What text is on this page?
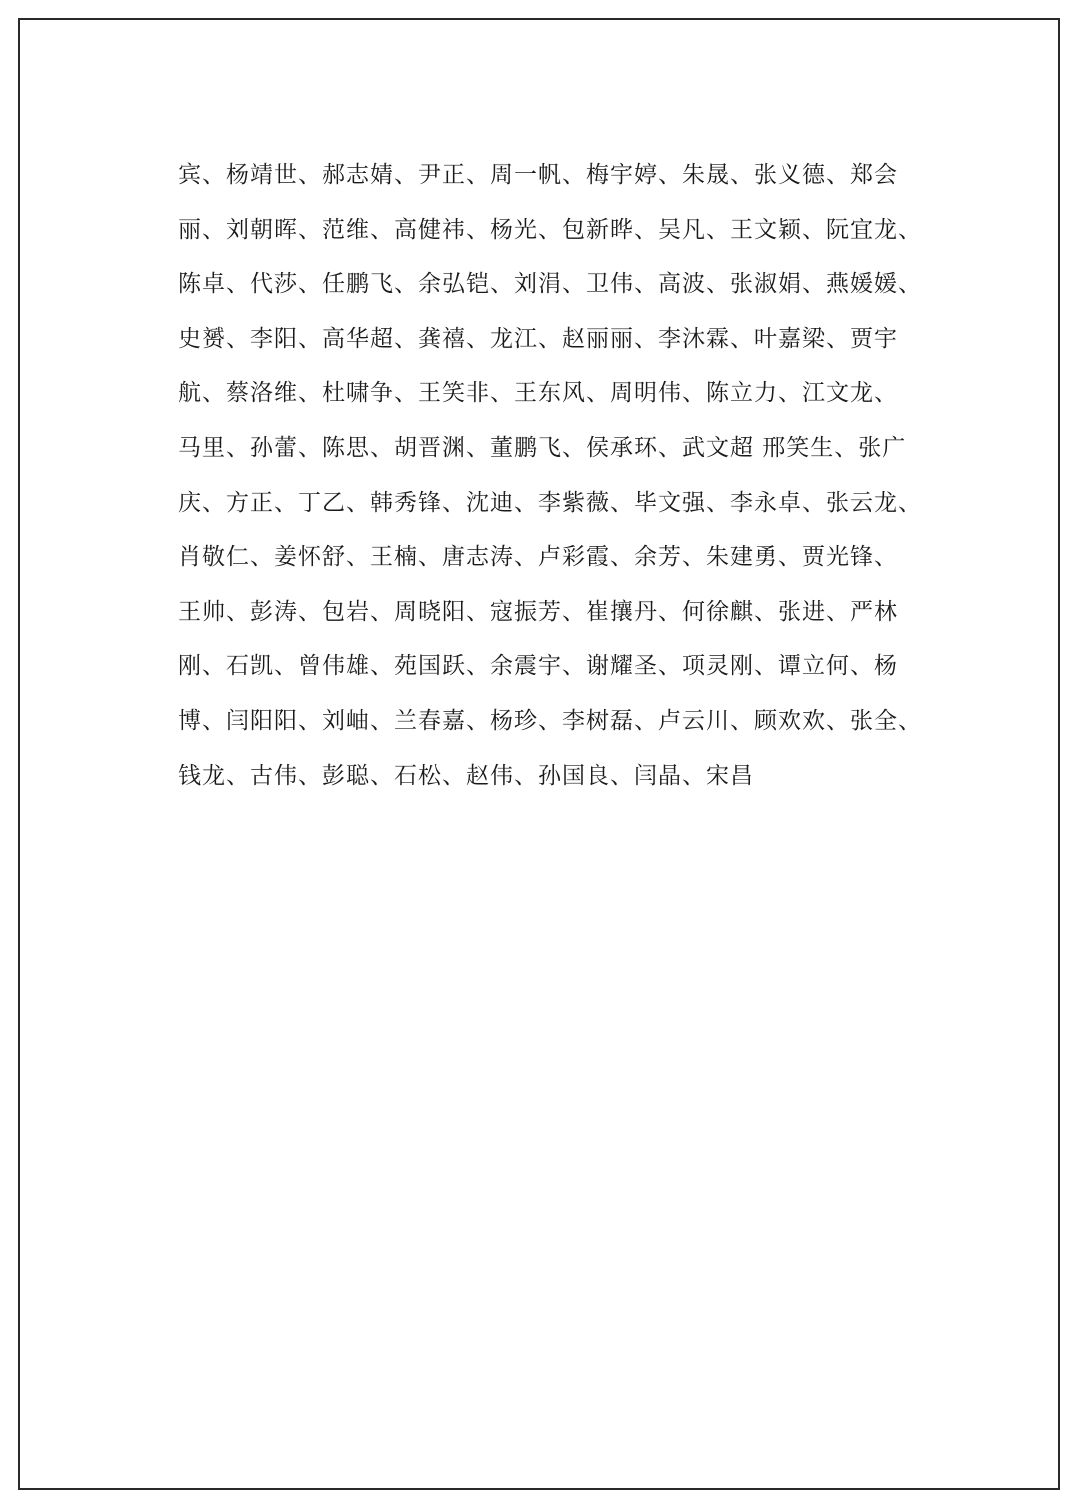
宾、杨靖世、郝志婧、尹正、周一帆、梅宇婷、朱晟、张义德、郑会
丽、刘朝晖、范维、高健祎、杨光、包新晔、吴凡、王文颖、阮宜龙、
陈卓、代莎、任鹏飞、余弘铠、刘涓、卫伟、高波、张淑娟、燕媛媛、
史赟、李阳、高华超、龚禧、龙江、赵丽丽、李沐霖、叶嘉梁、贾宇
航、蔡洛维、杜啸争、王笑非、王东风、周明伟、陈立力、江文龙、
马里、孙蕾、陈思、胡晋渊、董鹏飞、侯承环、武文超 邢笑生、张广
庆、方正、丁乙、韩秀锋、沈迪、李紫薇、毕文强、李永卓、张云龙、
肖敬仁、姜怀舒、王楠、唐志涛、卢彩霞、余芳、朱建勇、贾光锋、
王帅、彭涛、包岩、周晓阳、寇振芳、崔攘丹、何徐麒、张进、严林
刚、石凯、曾伟雄、苑国跃、余震宇、谢耀圣、项灵刚、谭立何、杨
博、闫阳阳、刘岫、兰春嘉、杨珍、李树磊、卢云川、顾欢欢、张全、
钱龙、古伟、彭聪、石松、赵伟、孙国良、闫晶、宋昌
